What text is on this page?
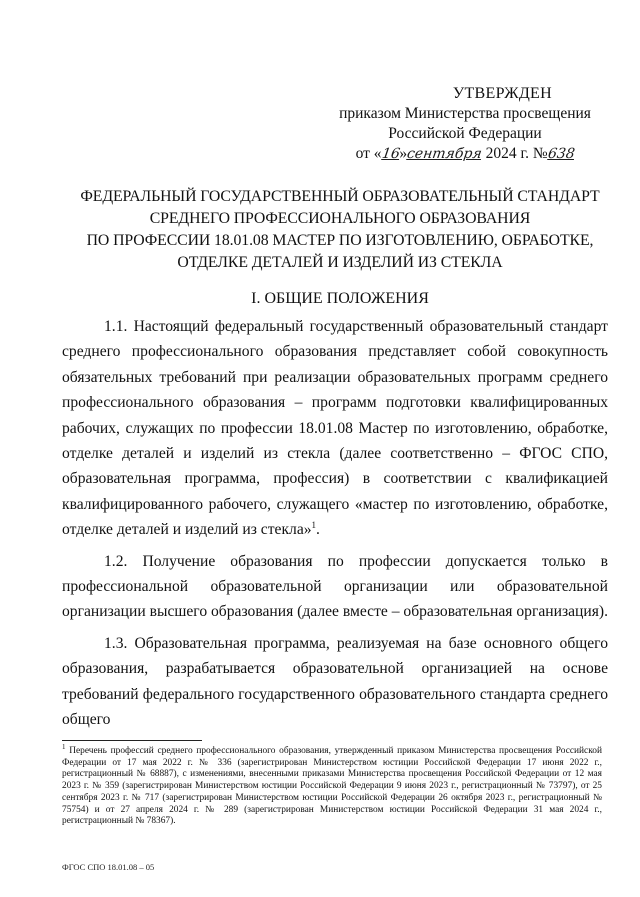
УТВЕРЖДЕН
приказом Министерства просвещения
Российской Федерации
от «16»сентября 2024 г. №638
ФЕДЕРАЛЬНЫЙ ГОСУДАРСТВЕННЫЙ ОБРАЗОВАТЕЛЬНЫЙ СТАНДАРТ
СРЕДНЕГО ПРОФЕССИОНАЛЬНОГО ОБРАЗОВАНИЯ
ПО ПРОФЕССИИ 18.01.08 МАСТЕР ПО ИЗГОТОВЛЕНИЮ, ОБРАБОТКЕ,
ОТДЕЛКЕ ДЕТАЛЕЙ И ИЗДЕЛИЙ ИЗ СТЕКЛА
I. ОБЩИЕ ПОЛОЖЕНИЯ

1.1. Настоящий федеральный государственный образовательный стандарт среднего профессионального образования представляет собой совокупность обязательных требований при реализации образовательных программ среднего профессионального образования – программ подготовки квалифицированных рабочих, служащих по профессии 18.01.08 Мастер по изготовлению, обработке, отделке деталей и изделий из стекла (далее соответственно – ФГОС СПО, образовательная программа, профессия) в соответствии с квалификацией квалифицированного рабочего, служащего «мастер по изготовлению, обработке, отделке деталей и изделий из стекла»$^1$.

1.2. Получение образования по профессии допускается только в профессиональной образовательной организации или образовательной организации высшего образования (далее вместе – образовательная организация).

1.3. Образовательная программа, реализуемая на базе основного общего образования, разрабатывается образовательной организацией на основе требований федерального государственного образовательного стандарта среднего общего

$^1$ Перечень профессий среднего профессионального образования, утвержденный приказом Министерства просвещения Российской Федерации от 17 мая 2022 г. № 336 (зарегистрирован Министерством юстиции Российской Федерации 17 июня 2022 г., регистрационный № 68887), с изменениями, внесенными приказами Министерства просвещения Российской Федерации от 12 мая 2023 г. № 359 (зарегистрирован Министерством юстиции Российской Федерации 9 июня 2023 г., регистрационный № 73797), от 25 сентября 2023 г. № 717 (зарегистрирован Министерством юстиции Российской Федерации 26 октября 2023 г., регистрационный № 75754) и от 27 апреля 2024 г. № 289 (зарегистрирован Министерством юстиции Российской Федерации 31 мая 2024 г., регистрационный № 78367).
ФГОС СПО 18.01.08 – 05
